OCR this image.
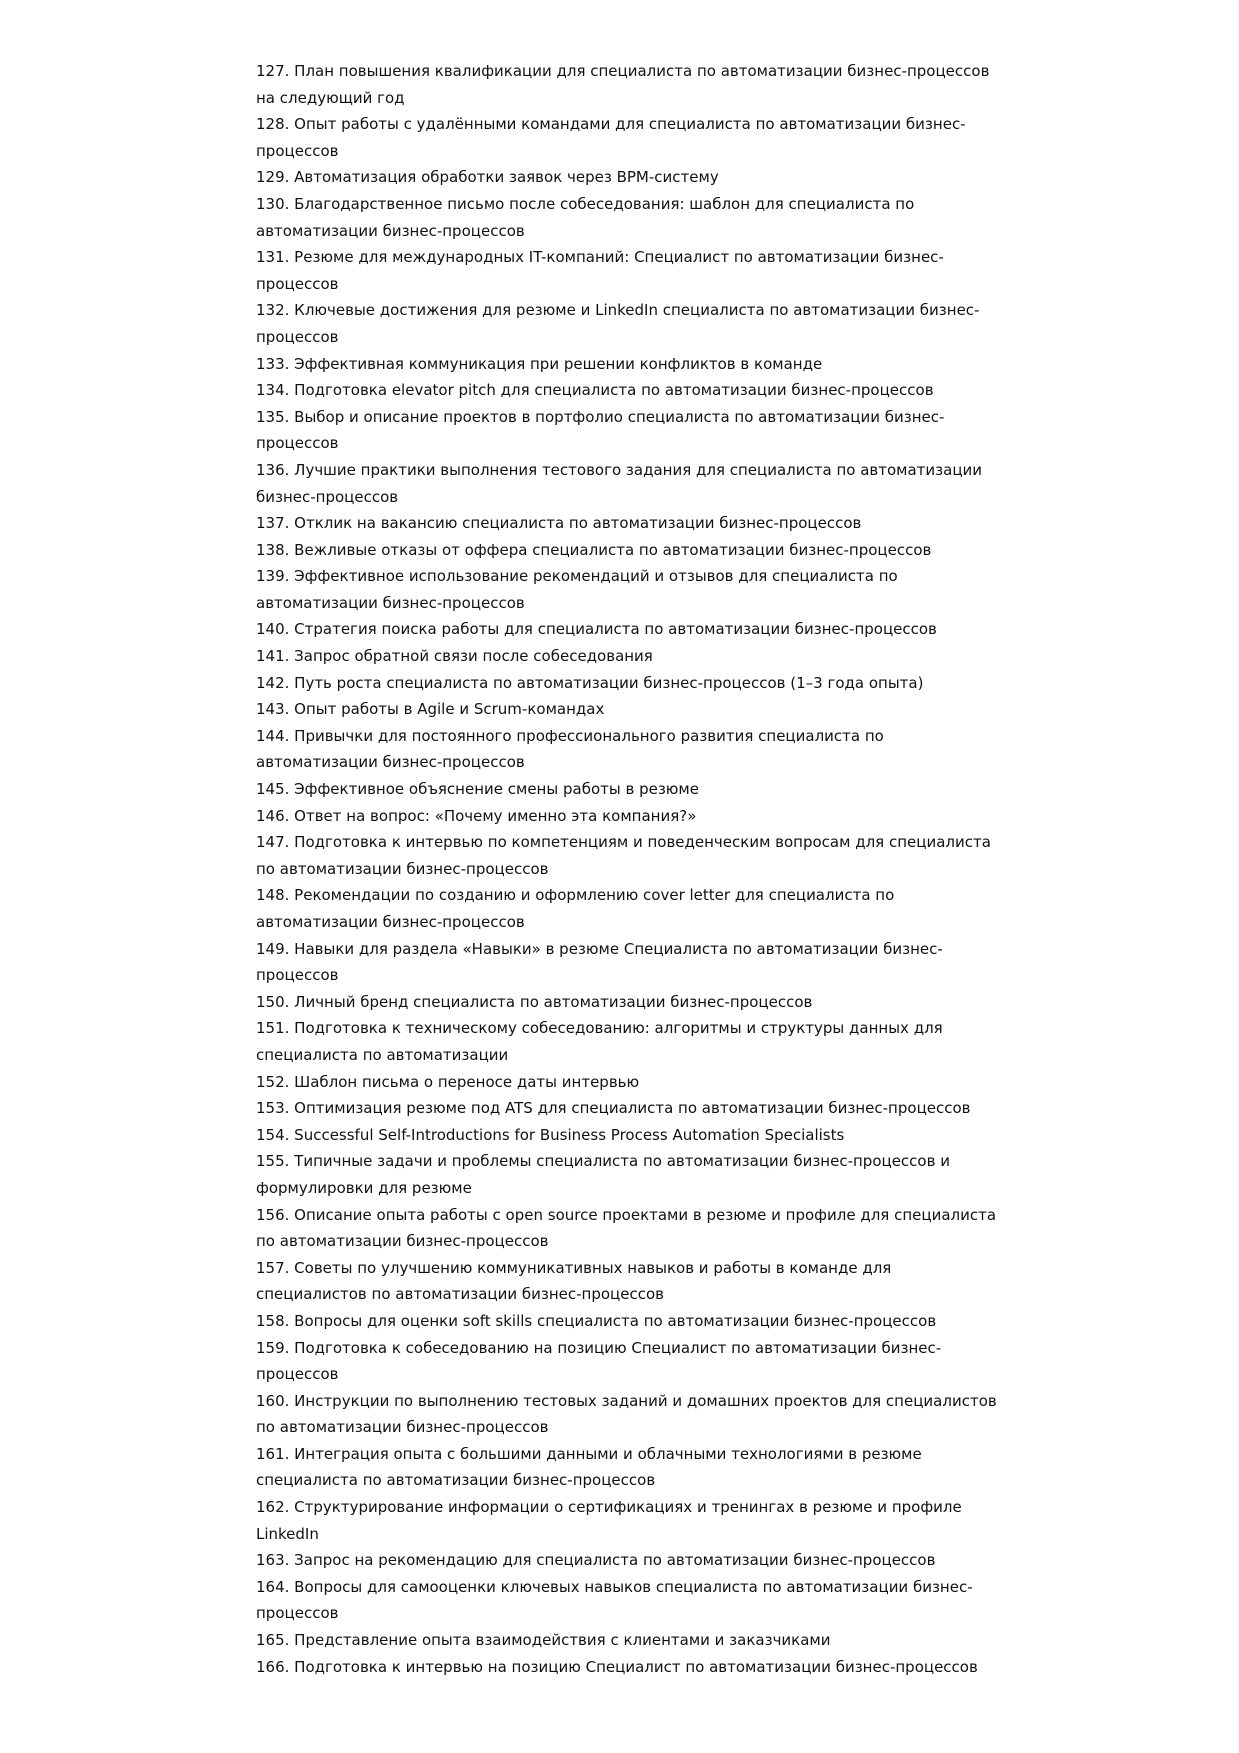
127. План повышения квалификации для специалиста по автоматизации бизнес-процессов на следующий год
128. Опыт работы с удалёнными командами для специалиста по автоматизации бизнес-процессов
129. Автоматизация обработки заявок через BPM-систему
130. Благодарственное письмо после собеседования: шаблон для специалиста по автоматизации бизнес-процессов
131. Резюме для международных IT-компаний: Специалист по автоматизации бизнес-процессов
132. Ключевые достижения для резюме и LinkedIn специалиста по автоматизации бизнес-процессов
133. Эффективная коммуникация при решении конфликтов в команде
134. Подготовка elevator pitch для специалиста по автоматизации бизнес-процессов
135. Выбор и описание проектов в портфолио специалиста по автоматизации бизнес-процессов
136. Лучшие практики выполнения тестового задания для специалиста по автоматизации бизнес-процессов
137. Отклик на вакансию специалиста по автоматизации бизнес-процессов
138. Вежливые отказы от оффера специалиста по автоматизации бизнес-процессов
139. Эффективное использование рекомендаций и отзывов для специалиста по автоматизации бизнес-процессов
140. Стратегия поиска работы для специалиста по автоматизации бизнес-процессов
141. Запрос обратной связи после собеседования
142. Путь роста специалиста по автоматизации бизнес-процессов (1–3 года опыта)
143. Опыт работы в Agile и Scrum-командах
144. Привычки для постоянного профессионального развития специалиста по автоматизации бизнес-процессов
145. Эффективное объяснение смены работы в резюме
146. Ответ на вопрос: «Почему именно эта компания?»
147. Подготовка к интервью по компетенциям и поведенческим вопросам для специалиста по автоматизации бизнес-процессов
148. Рекомендации по созданию и оформлению cover letter для специалиста по автоматизации бизнес-процессов
149. Навыки для раздела «Навыки» в резюме Специалиста по автоматизации бизнес-процессов
150. Личный бренд специалиста по автоматизации бизнес-процессов
151. Подготовка к техническому собеседованию: алгоритмы и структуры данных для специалиста по автоматизации
152. Шаблон письма о переносе даты интервью
153. Оптимизация резюме под ATS для специалиста по автоматизации бизнес-процессов
154. Successful Self-Introductions for Business Process Automation Specialists
155. Типичные задачи и проблемы специалиста по автоматизации бизнес-процессов и формулировки для резюме
156. Описание опыта работы с open source проектами в резюме и профиле для специалиста по автоматизации бизнес-процессов
157. Советы по улучшению коммуникативных навыков и работы в команде для специалистов по автоматизации бизнес-процессов
158. Вопросы для оценки soft skills специалиста по автоматизации бизнес-процессов
159. Подготовка к собеседованию на позицию Специалист по автоматизации бизнес-процессов
160. Инструкции по выполнению тестовых заданий и домашних проектов для специалистов по автоматизации бизнес-процессов
161. Интеграция опыта с большими данными и облачными технологиями в резюме специалиста по автоматизации бизнес-процессов
162. Структурирование информации о сертификациях и тренингах в резюме и профиле LinkedIn
163. Запрос на рекомендацию для специалиста по автоматизации бизнес-процессов
164. Вопросы для самооценки ключевых навыков специалиста по автоматизации бизнес-процессов
165. Представление опыта взаимодействия с клиентами и заказчиками
166. Подготовка к интервью на позицию Специалист по автоматизации бизнес-процессов
